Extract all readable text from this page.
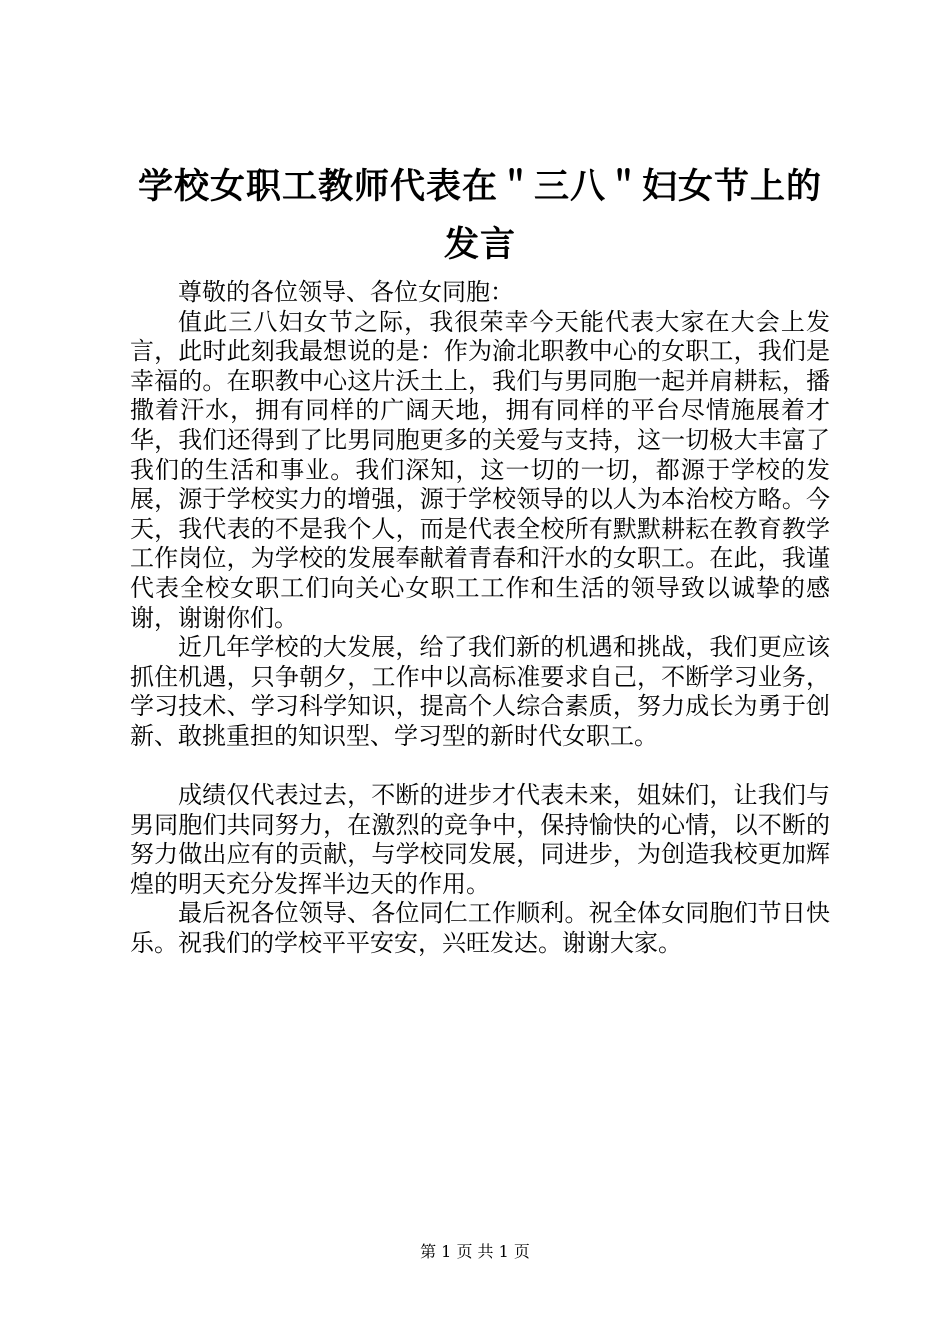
学校女职工教师代表在＂三八＂妇女节上的发言

尊敬的各位领导、各位女同胞：

值此三八妇女节之际，我很荣幸今天能代表大家在大会上发言，此时此刻我最想说的是：作为渝北职教中心的女职工，我们是幸福的。在职教中心这片沃土上，我们与男同胞一起并肩耕耘，播撒着汗水，拥有同样的广阔天地，拥有同样的平台尽情施展着才华，我们还得到了比男同胞更多的关爱与支持，这一切极大丰富了我们的生活和事业。我们深知，这一切的一切，都源于学校的发展，源于学校实力的增强，源于学校领导的以人为本治校方略。今天，我代表的不是我个人，而是代表全校所有默默耕耘在教育教学工作岗位，为学校的发展奉献着青春和汗水的女职工。在此，我谨代表全校女职工们向关心女职工工作和生活的领导致以诚挚的感谢，谢谢你们。

近几年学校的大发展，给了我们新的机遇和挑战，我们更应该抓住机遇，只争朝夕，工作中以高标准要求自己，不断学习业务，学习技术、学习科学知识，提高个人综合素质，努力成长为勇于创新、敢挑重担的知识型、学习型的新时代女职工。

成绩仅代表过去，不断的进步才代表未来，姐妹们，让我们与男同胞们共同努力，在激烈的竞争中，保持愉快的心情，以不断的努力做出应有的贡献，与学校同发展，同进步，为创造我校更加辉煌的明天充分发挥半边天的作用。

最后祝各位领导、各位同仁工作顺利。祝全体女同胞们节日快乐。祝我们的学校平平安安，兴旺发达。谢谢大家。

第 1 页 共 1 页
